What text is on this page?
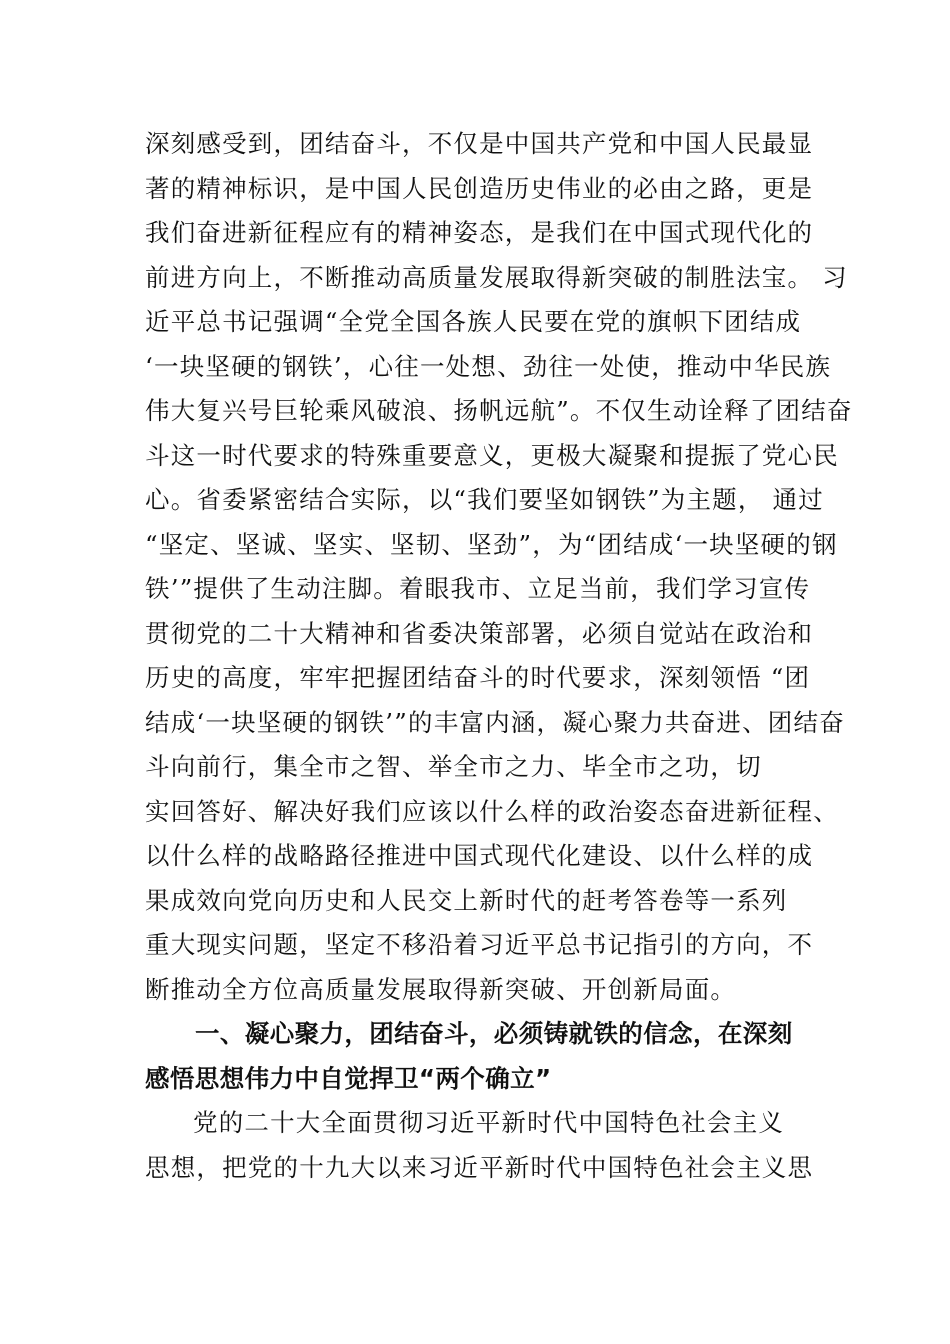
深刻感受到，团结奋斗，不仅是中国共产党和中国人民最显
著的精神标识，是中国人民创造历史伟业的必由之路，更是
我们奋进新征程应有的精神姿态，是我们在中国式现代化的
前进方向上，不断推动高质量发展取得新突破的制胜法宝。 习
近平总书记强调“全党全国各族人民要在党的旗帜下团结成
‘一块坚硬的钢铁’，心往一处想、劲往一处使，推动中华民族
伟大复兴号巨轮乘风破浪、扬帆远航”。不仅生动诠释了团结奋
斗这一时代要求的特殊重要意义，更极大凝聚和提振了党心民
心。省委紧密结合实际，以“我们要坚如钢铁”为主题， 通过
“坚定、坚诚、坚实、坚韧、坚劲”，为“团结成‘一块坚硬的钢
铁’”提供了生动注脚。着眼我市、立足当前，我们学习宣传
贯彻党的二十大精神和省委决策部署，必须自觉站在政治和
历史的高度，牢牢把握团结奋斗的时代要求，深刻领悟 “团
结成‘一块坚硬的钢铁’”的丰富内涵，凝心聚力共奋进、团结奋
斗向前行，集全市之智、举全市之力、毕全市之功，切
实回答好、解决好我们应该以什么样的政治姿态奋进新征程、
以什么样的战略路径推进中国式现代化建设、以什么样的成
果成效向党向历史和人民交上新时代的赶考答卷等一系列
重大现实问题，坚定不移沿着习近平总书记指引的方向，不
断推动全方位高质量发展取得新突破、开创新局面。
一、凝心聚力，团结奋斗，必须铸就铁的信念，在深刻
感悟思想伟力中自觉捍卫“两个确立”
党的二十大全面贯彻习近平新时代中国特色社会主义
思想，把党的十九大以来习近平新时代中国特色社会主义思
